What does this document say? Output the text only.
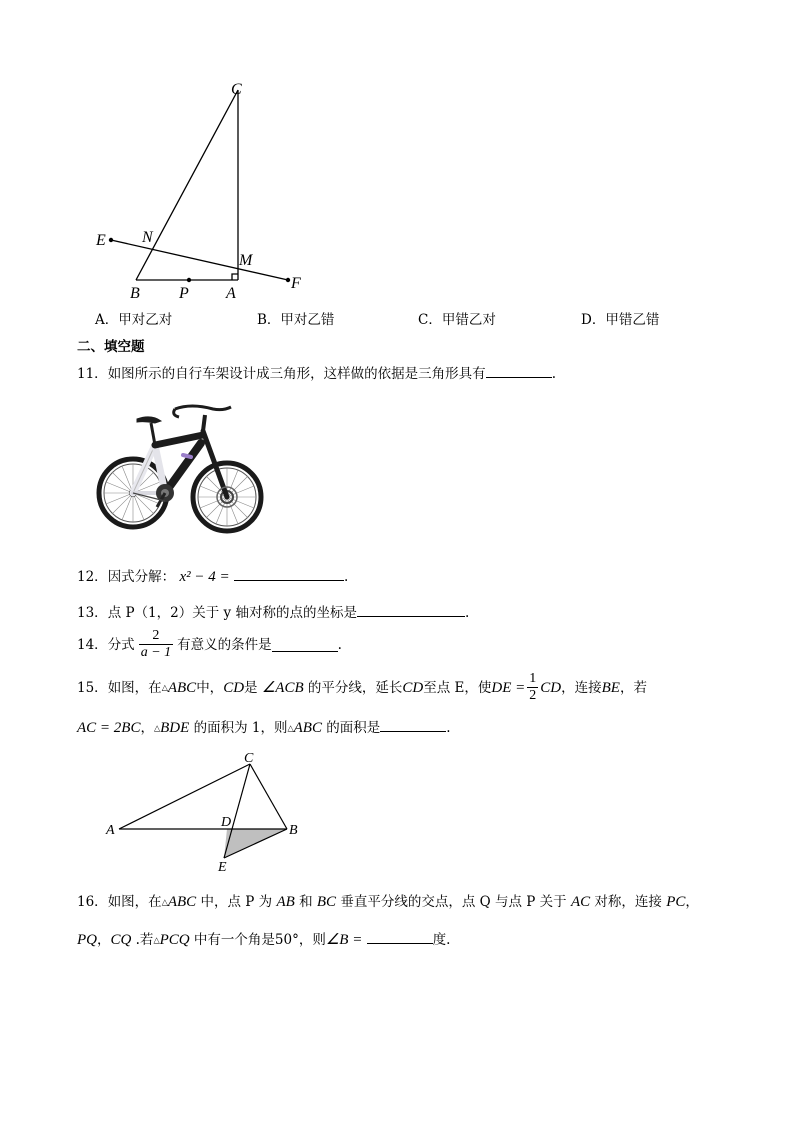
C
E N
M
F
B P A
A．甲对乙对	B．甲对乙错	C．甲错乙对	D．甲错乙错
二、填空题
11．如图所示的自行车架设计成三角形，这样做的依据是三角形具有	.
12．因式分解： x² − 4 =	.
13．点 P（1，2）关于 y 轴对称的点的坐标是	.
14． 分式 $\frac{2}{a - 1}$ 有意义的条件是	.
15． 如图，在 △ ABC 中， CD 是
∠ACB
的平分线，延长 CD 至点 E，使 DE = $\frac{1}{2}$ CD ，连接 BE ，若
AC = 2BC，△BDE 的面积为 1，则△ABC 的面积是	.
C
A
D
B
E
16．如图，在△ABC 中，点 P 为 AB 和 BC 垂直平分线的交点，点 Q 与点 P 关于 AC 对称，连接 PC，
PQ，CQ .若△PCQ 中有一个角是50°，则∠B =	度.
